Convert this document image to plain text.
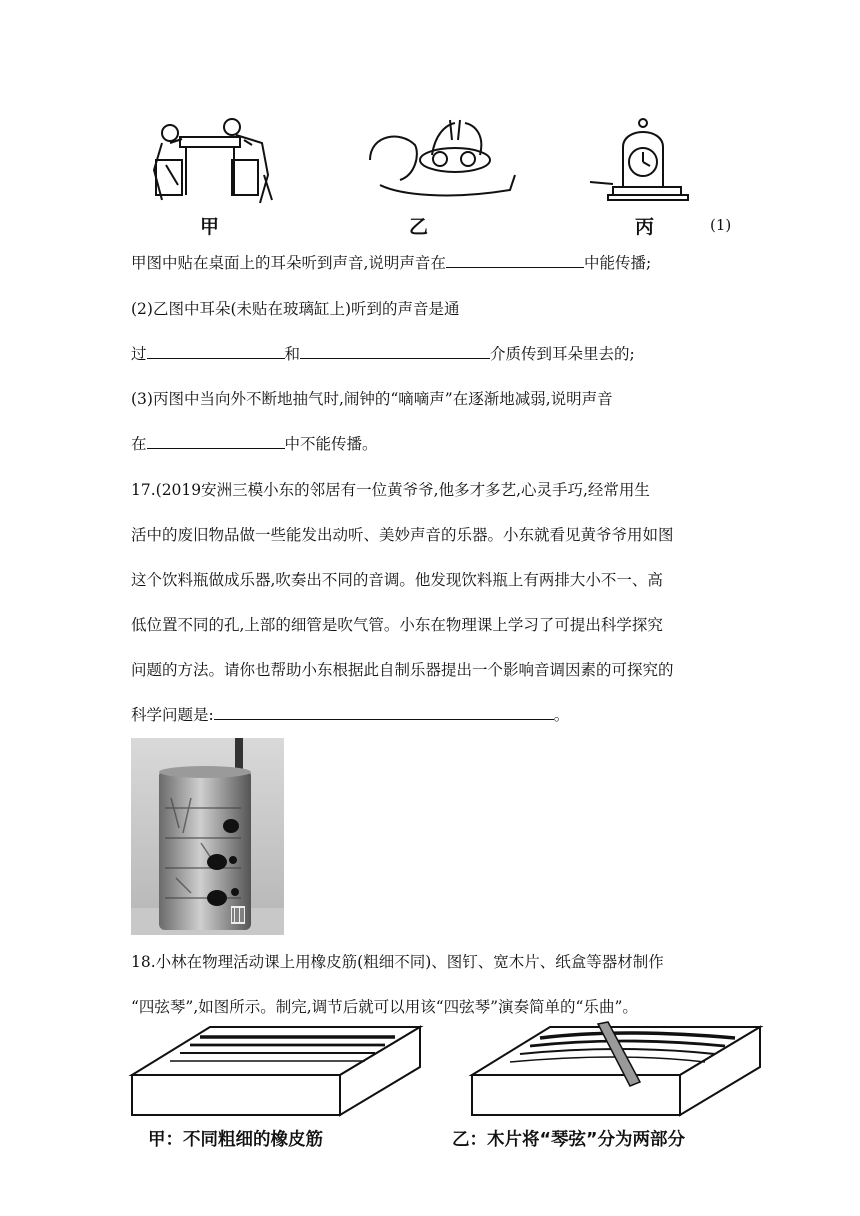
甲	乙	丙	(1)
甲图中贴在桌面上的耳朵听到声音,说明声音在	中能传播;
(2)乙图中耳朵(未贴在玻璃缸上)听到的声音是通
过	和	介质传到耳朵里去的;
(3)丙图中当向外不断地抽气时,闹钟的“嘀嘀声”在逐渐地减弱,说明声音
在	中不能传播。
17.(2019安洲三模小东的邻居有一位黄爷爷,他多才多艺,心灵手巧,经常用生
活中的废旧物品做一些能发出动听、美妙声音的乐器。小东就看见黄爷爷用如图
这个饮料瓶做成乐器,吹奏出不同的音调。他发现饮料瓶上有两排大小不一、高
低位置不同的孔,上部的细管是吹气管。小东在物理课上学习了可提出科学探究
问题的方法。请你也帮助小东根据此自制乐器提出一个影响音调因素的可探究的
科学问题是:	。
18.小林在物理活动课上用橡皮筋(粗细不同)、图钉、宽木片、纸盒等器材制作
“四弦琴”,如图所示。制完,调节后就可以用该“四弦琴”演奏简单的“乐曲”。
甲：不同粗细的橡皮筋	乙：木片将“琴弦”分为两部分
